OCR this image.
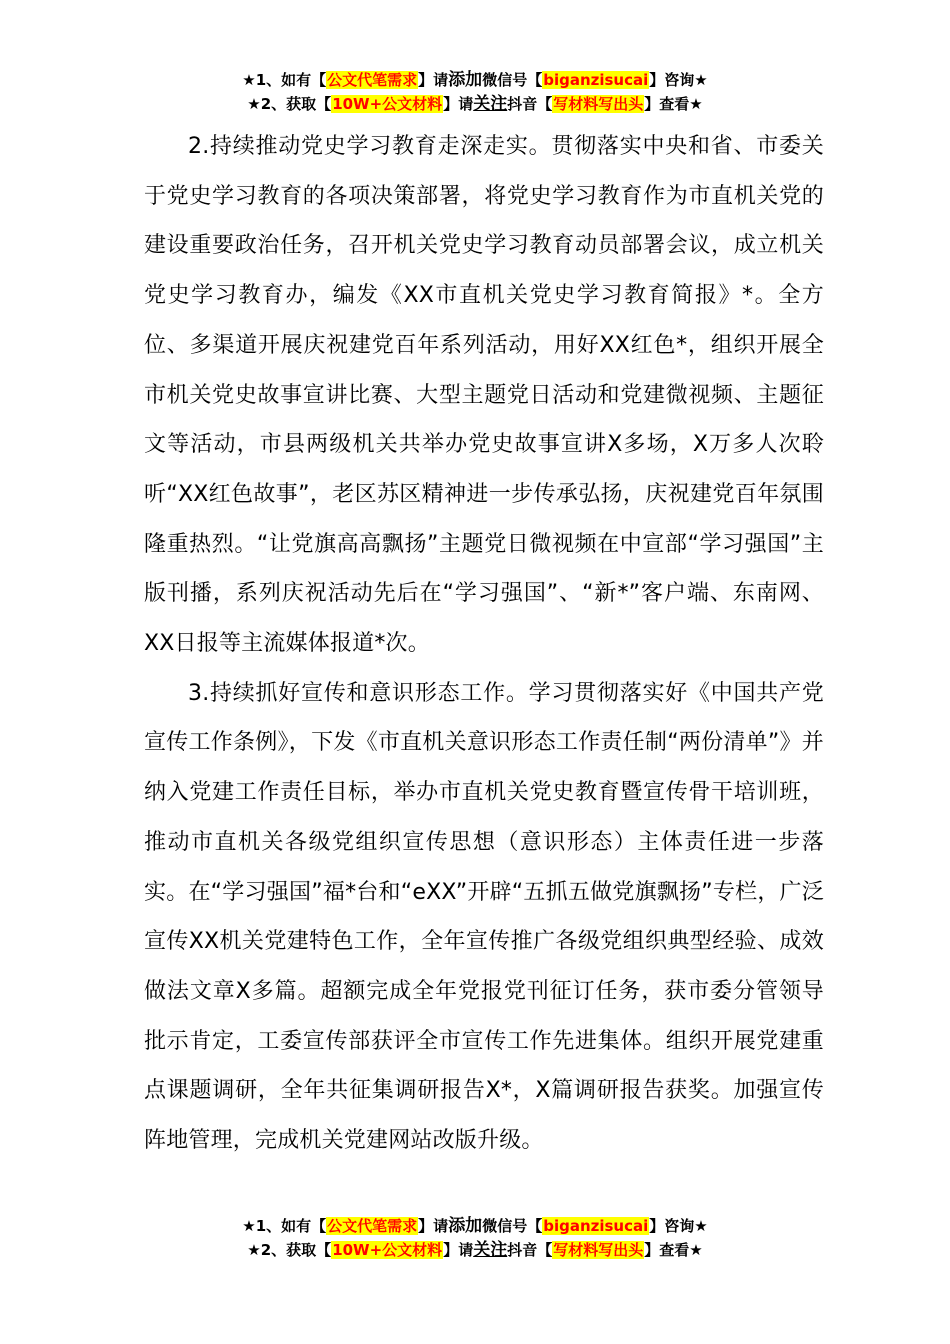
★1、如有【公文代笔需求】请添加微信号【biganzisucai】咨询★
★2、获取【10W+公文材料】请关注抖音【写材料写出头】查看★

2.持续推动党史学习教育走深走实。贯彻落实中央和省、市委关于党史学习教育的各项决策部署，将党史学习教育作为市直机关党的建设重要政治任务，召开机关党史学习教育动员部署会议，成立机关党史学习教育办，编发《XX市直机关党史学习教育简报》*。全方位、多渠道开展庆祝建党百年系列活动，用好XX红色*，组织开展全市机关党史故事宣讲比赛、大型主题党日活动和党建微视频、主题征文等活动，市县两级机关共举办党史故事宣讲X多场，X万多人次聆听“XX红色故事”，老区苏区精神进一步传承弘扬，庆祝建党百年氛围隆重热烈。“让党旗高高飘扬”主题党日微视频在中宣部“学习强国”主版刊播，系列庆祝活动先后在“学习强国”、“新*”客户端、东南网、XX日报等主流媒体报道*次。

3.持续抓好宣传和意识形态工作。学习贯彻落实好《中国共产党宣传工作条例》，下发《市直机关意识形态工作责任制“两份清单”》并纳入党建工作责任目标，举办市直机关党史教育暨宣传骨干培训班，推动市直机关各级党组织宣传思想（意识形态）主体责任进一步落实。在“学习强国”福*台和“eXX”开辟“五抓五做党旗飘扬”专栏，广泛宣传XX机关党建特色工作，全年宣传推广各级党组织典型经验、成效做法文章X多篇。超额完成全年党报党刊征订任务，获市委分管领导批示肯定，工委宣传部获评全市宣传工作先进集体。组织开展党建重点课题调研，全年共征集调研报告X*，X篇调研报告获奖。加强宣传阵地管理，完成机关党建网站改版升级。

★1、如有【公文代笔需求】请添加微信号【biganzisucai】咨询★
★2、获取【10W+公文材料】请关注抖音【写材料写出头】查看★
